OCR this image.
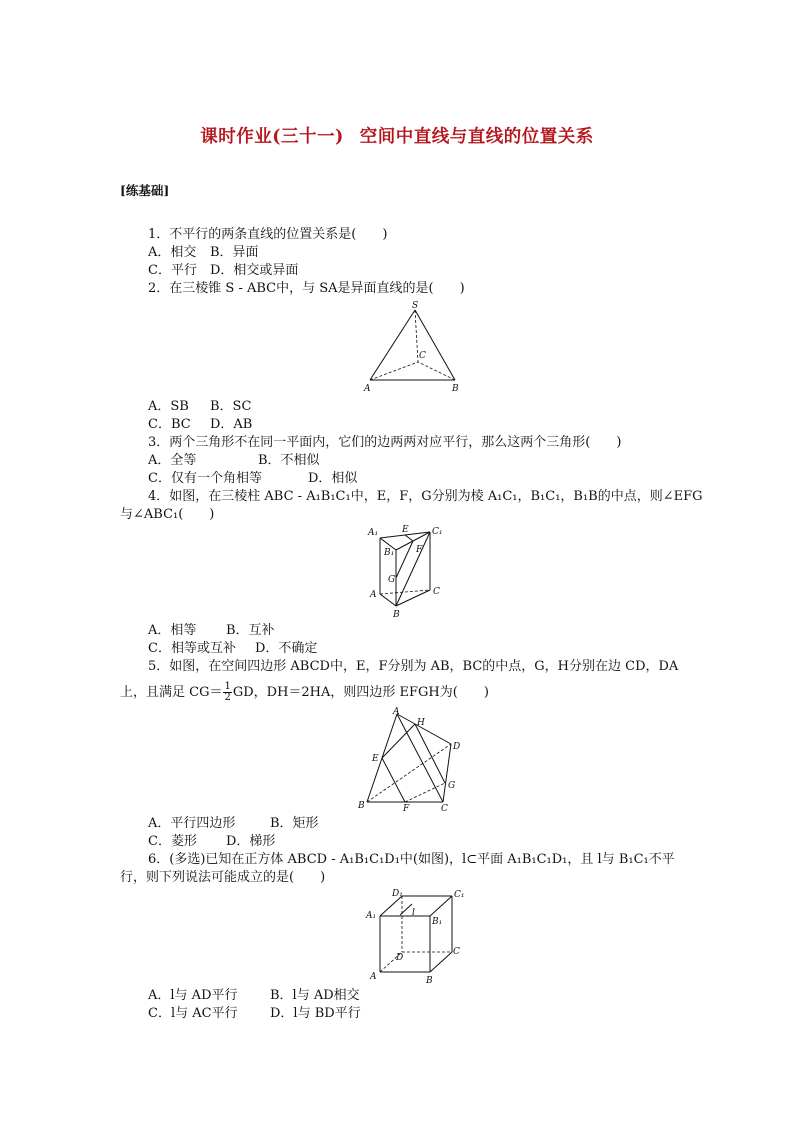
课时作业(三十一) 空间中直线与直线的位置关系
[练基础]
1．不平行的两条直线的位置关系是(　　)
A．相交 B．异面
C．平行 D．相交或异面
2．在三棱锥 S - ABC中，与 SA是异面直线的是(　　)
S
A	B
C
A．SB B．SC
C．BC D．AB
3．两个三角形不在同一平面内，它们的边两两对应平行，那么这两个三角形(　　)
A．全等	B．不相似
C．仅有一个角相等	D．相似
4．如图，在三棱柱 ABC - A₁B₁C₁中，E，F，G分别为棱 A₁C₁，B₁C₁，B₁B的中点，则∠EFG
与∠ABC₁(　　)
A₁
B₁
C₁
E
F
G
A
B
C
A．相等 B．互补
C．相等或互补 D．不确定
5．如图，在空间四边形 ABCD中，E，F分别为 AB，BC的中点，G，H分别在边 CD，DA
上，且满足 $CG= \frac{1}{2}$ GD，DH＝2HA，则四边形 EFGH为(　　)
A
H
D
E
G
B	F	C
A．平行四边形	B．矩形
C．菱形 D．梯形
6．(多选)已知在正方体 ABCD - A₁B₁C₁D₁中(如图)，l⊂平面 A₁B₁C₁D₁，且 l与 B₁C₁不平
行，则下列说法可能成立的是(　　)
D₁	C₁
A₁
B₁
l
D
C
A	B
A．l与 AD平行	B．l与 AD相交
C．l与 AC平行 D．l与 BD平行
